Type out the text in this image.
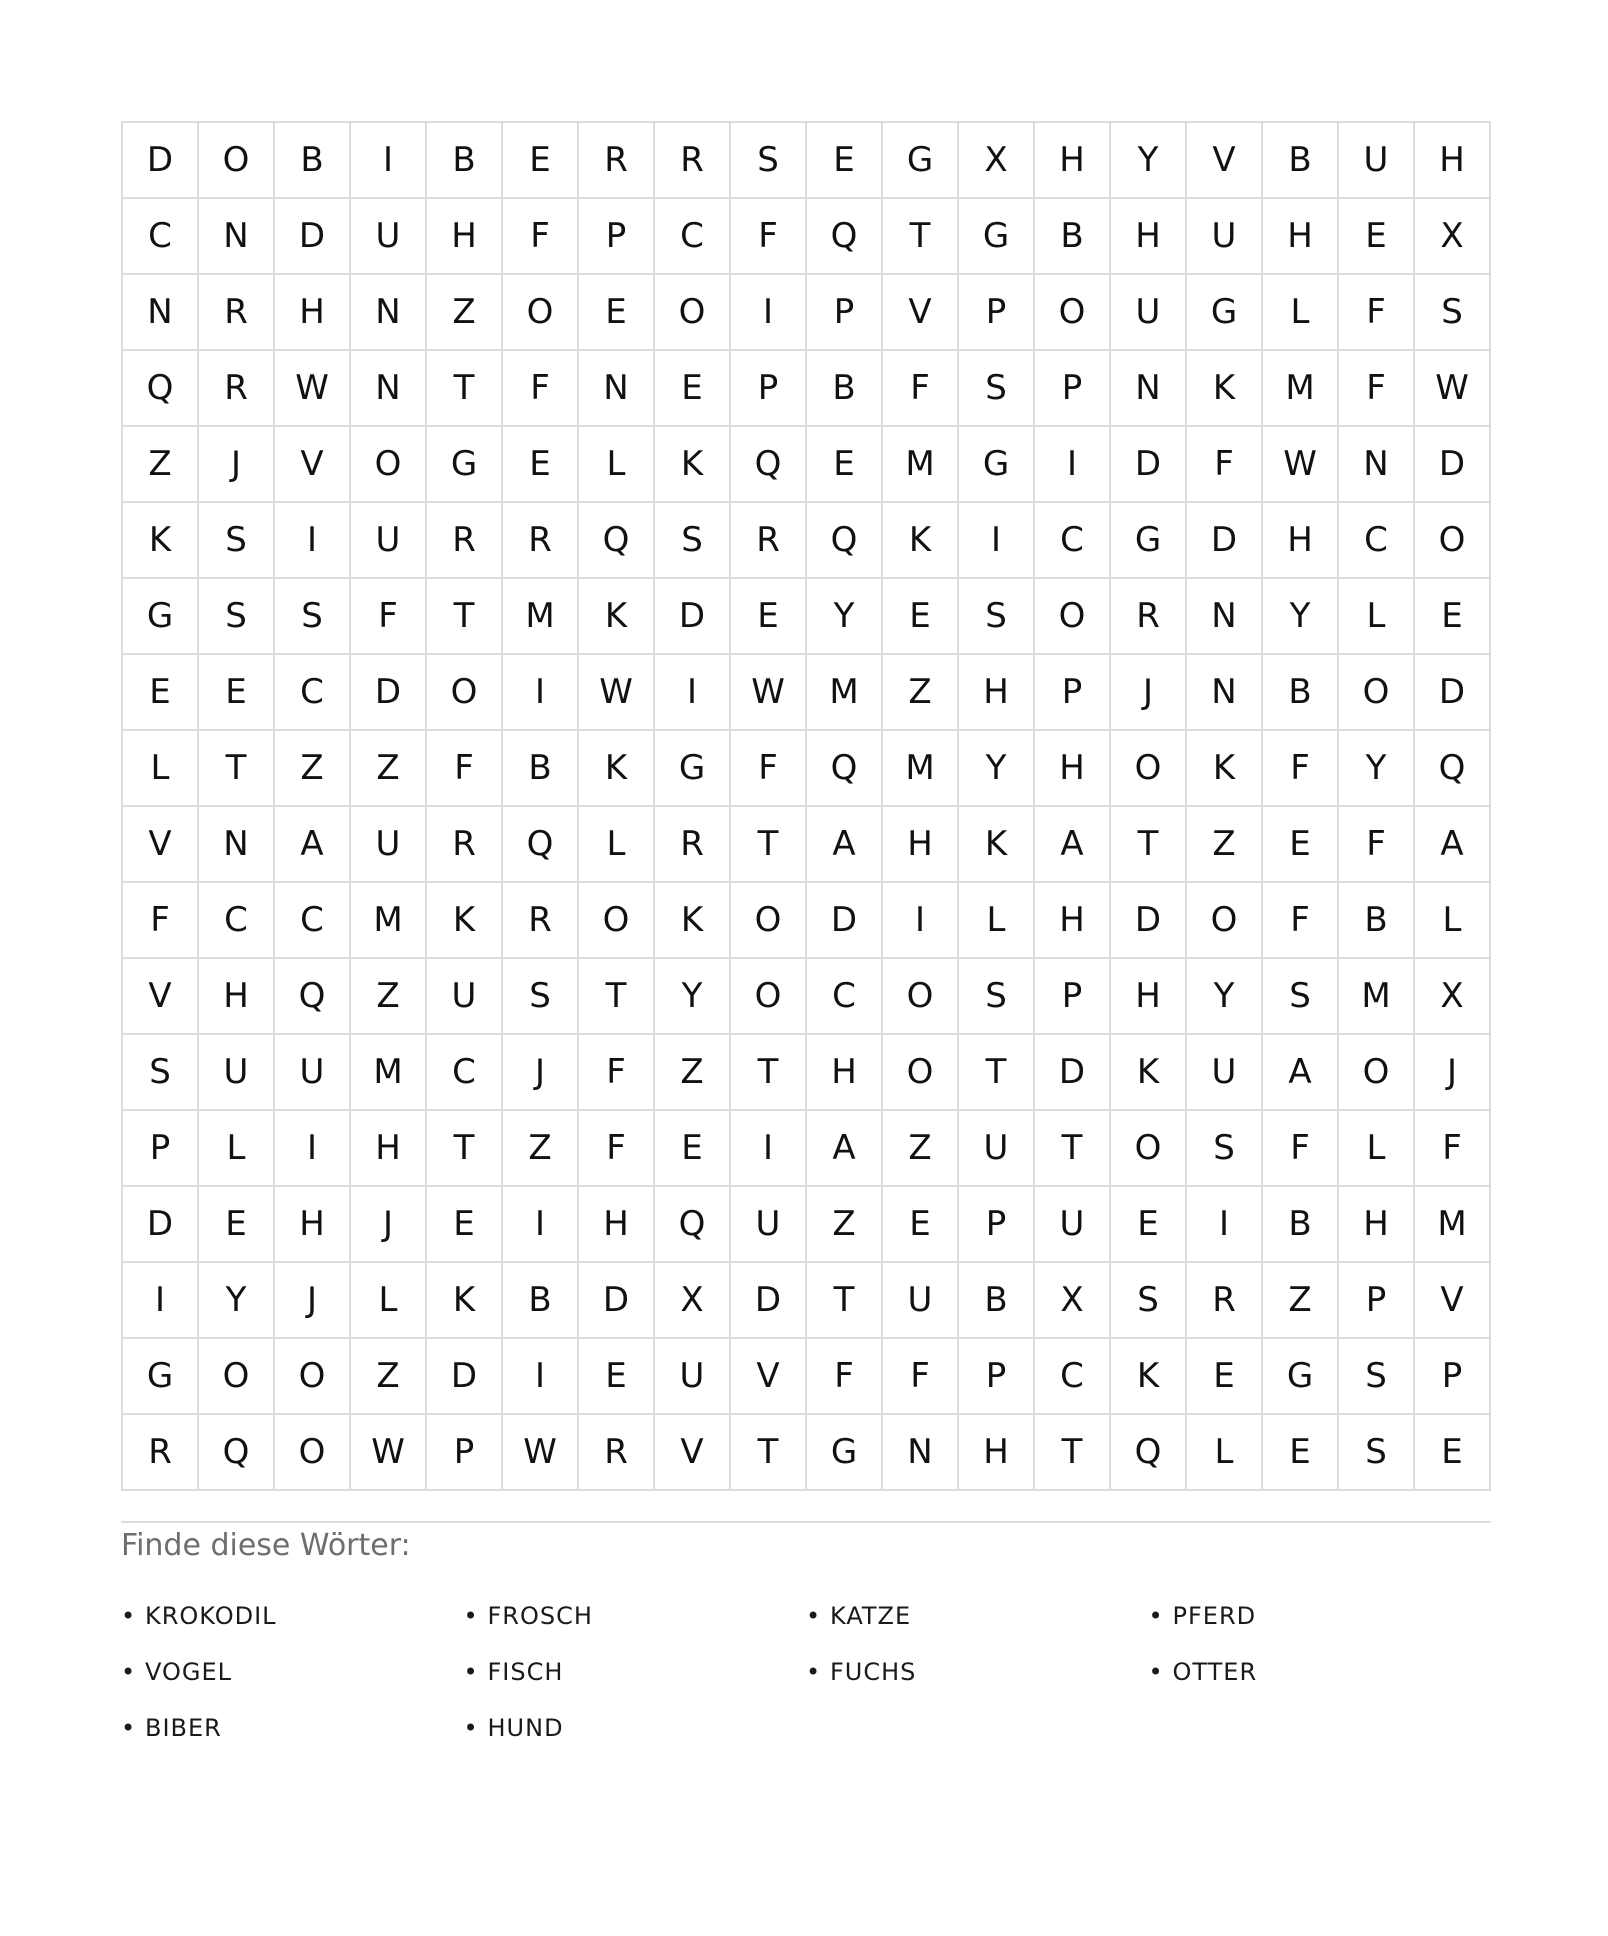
D	O	B	I	B	E	R	R	S	E	G	X	H	Y	V	B	U	H
C	N	D	U	H	F	P	C	F	Q	T	G	B	H	U	H	E	X
N	R	H	N	Z	O	E	O	I	P	V	P	O	U	G	L	F	S
Q	R	W	N	T	F	N	E	P	B	F	S	P	N	K	M	F	W
Z	J	V	O	G	E	L	K	Q	E	M	G	I	D	F	W	N	D
K	S	I	U	R	R	Q	S	R	Q	K	I	C	G	D	H	C	O
G	S	S	F	T	M	K	D	E	Y	E	S	O	R	N	Y	L	E
E	E	C	D	O	I	W	I	W	M	Z	H	P	J	N	B	O	D
L	T	Z	Z	F	B	K	G	F	Q	M	Y	H	O	K	F	Y	Q
V	N	A	U	R	Q	L	R	T	A	H	K	A	T	Z	E	F	A
F	C	C	M	K	R	O	K	O	D	I	L	H	D	O	F	B	L
V	H	Q	Z	U	S	T	Y	O	C	O	S	P	H	Y	S	M	X
S	U	U	M	C	J	F	Z	T	H	O	T	D	K	U	A	O	J
P	L	I	H	T	Z	F	E	I	A	Z	U	T	O	S	F	L	F
D	E	H	J	E	I	H	Q	U	Z	E	P	U	E	I	B	H	M
I	Y	J	L	K	B	D	X	D	T	U	B	X	S	R	Z	P	V
G	O	O	Z	D	I	E	U	V	F	F	P	C	K	E	G	S	P
R	Q	O	W	P	W	R	V	T	G	N	H	T	Q	L	E	S	E
Finde diese Wörter:
• KROKODIL	• FROSCH	• KATZE	• PFERD
• VOGEL	• FISCH	• FUCHS	• OTTER
• BIBER	• HUND
